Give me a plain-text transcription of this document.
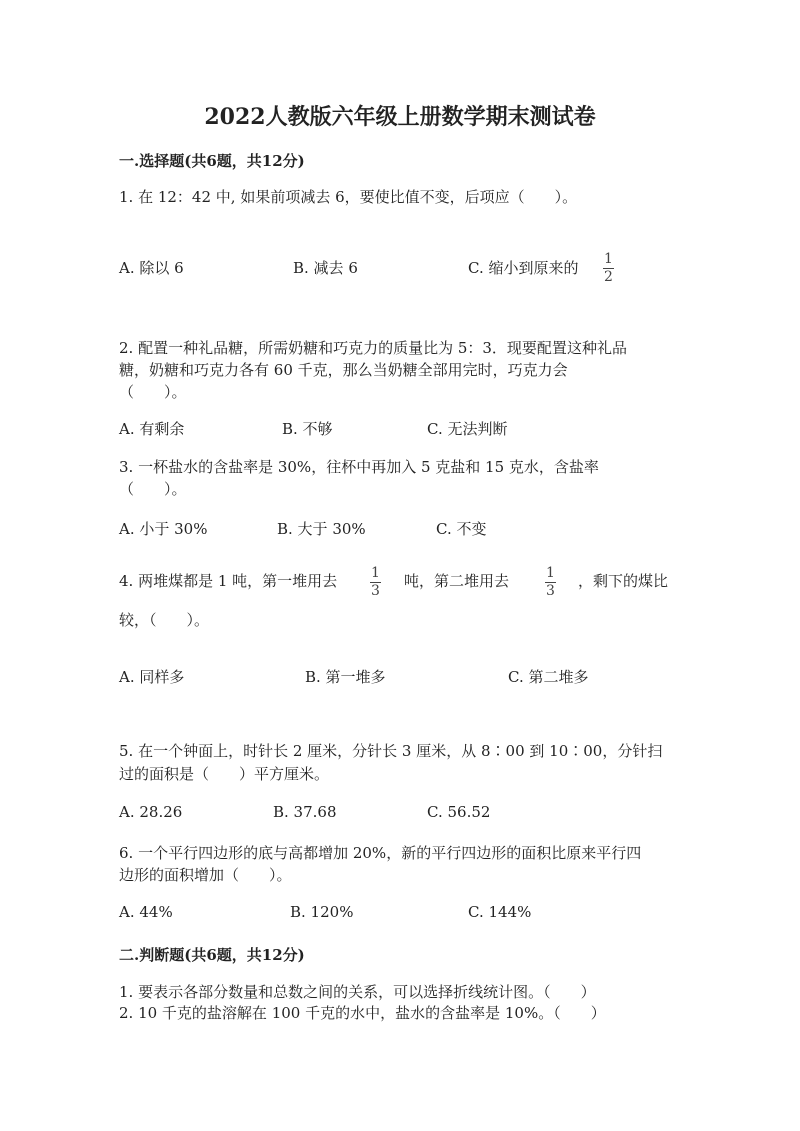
2022人教版六年级上册数学期末测试卷
一.选择题(共6题，共12分)
1. 在 12：42 中, 如果前项减去 6，要使比值不变，后项应（　　）。
A. 除以 6	B. 减去 6	C. 缩小到原来的 1
2
2. 配置一种礼品糖，所需奶糖和巧克力的质量比为 5：3．现要配置这种礼品
糖，奶糖和巧克力各有 60 千克，那么当奶糖全部用完时，巧克力会
（　　）。
A. 有剩余	B. 不够	C. 无法判断
3. 一杯盐水的含盐率是 30%，往杯中再加入 5 克盐和 15 克水，含盐率
（　　）。
A. 小于 30%	B. 大于 30%	C. 不变
4. 两堆煤都是 1 吨，第一堆用去 1
3
吨，第二堆用去	1
3
，剩下的煤比
较，（　　）。
A. 同样多	B. 第一堆多	C. 第二堆多
5. 在一个钟面上，时针长 2 厘米，分针长 3 厘米，从 8∶00 到 10∶00，分针扫
过的面积是（　　）平方厘米。
A. 28.26	B. 37.68	C. 56.52
6. 一个平行四边形的底与高都增加 20%，新的平行四边形的面积比原来平行四
边形的面积增加（　　）。
A. 44%	B. 120%	C. 144%
二.判断题(共6题，共12分)
1. 要表示各部分数量和总数之间的关系，可以选择折线统计图。（　　）
2. 10 千克的盐溶解在 100 千克的水中，盐水的含盐率是 10%。（　　）
